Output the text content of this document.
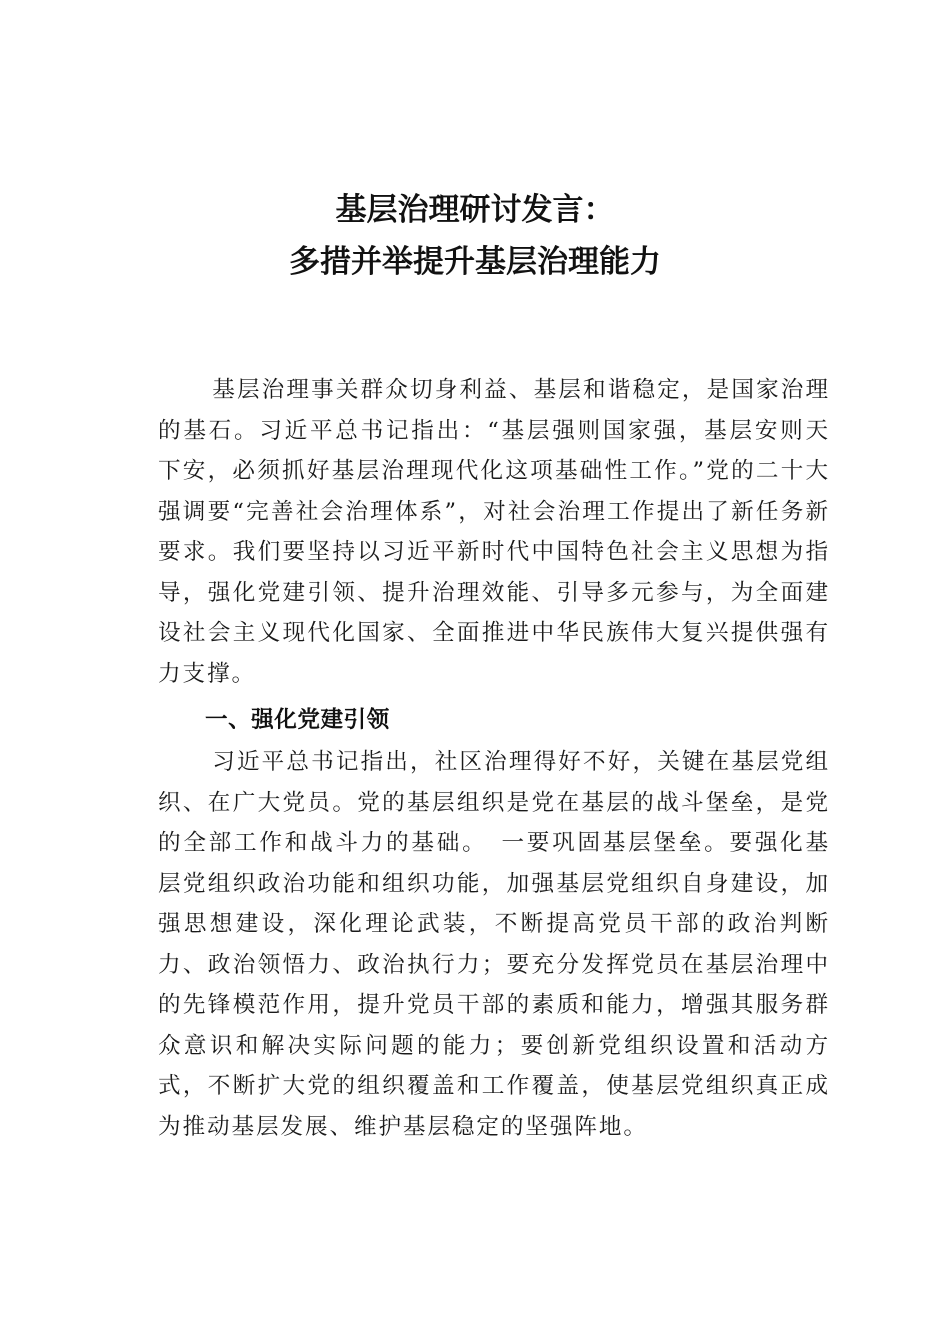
基层治理研讨发言：
多措并举提升基层治理能力

基层治理事关群众切身利益、基层和谐稳定，是国家治理的基石。习近平总书记指出：“基层强则国家强，基层安则天下安，必须抓好基层治理现代化这项基础性工作。”党的二十大强调要“完善社会治理体系”，对社会治理工作提出了新任务新要求。我们要坚持以习近平新时代中国特色社会主义思想为指导，强化党建引领、提升治理效能、引导多元参与，为全面建设社会主义现代化国家、全面推进中华民族伟大复兴提供强有力支撑。

一、强化党建引领

习近平总书记指出，社区治理得好不好，关键在基层党组织、在广大党员。党的基层组织是党在基层的战斗堡垒，是党的全部工作和战斗力的基础。　一要巩固基层堡垒。要强化基层党组织政治功能和组织功能，加强基层党组织自身建设，加强思想建设，深化理论武装，不断提高党员干部的政治判断力、政治领悟力、政治执行力；要充分发挥党员在基层治理中的先锋模范作用，提升党员干部的素质和能力，增强其服务群众意识和解决实际问题的能力；要创新党组织设置和活动方式，不断扩大党的组织覆盖和工作覆盖，使基层党组织真正成为推动基层发展、维护基层稳定的坚强阵地。
